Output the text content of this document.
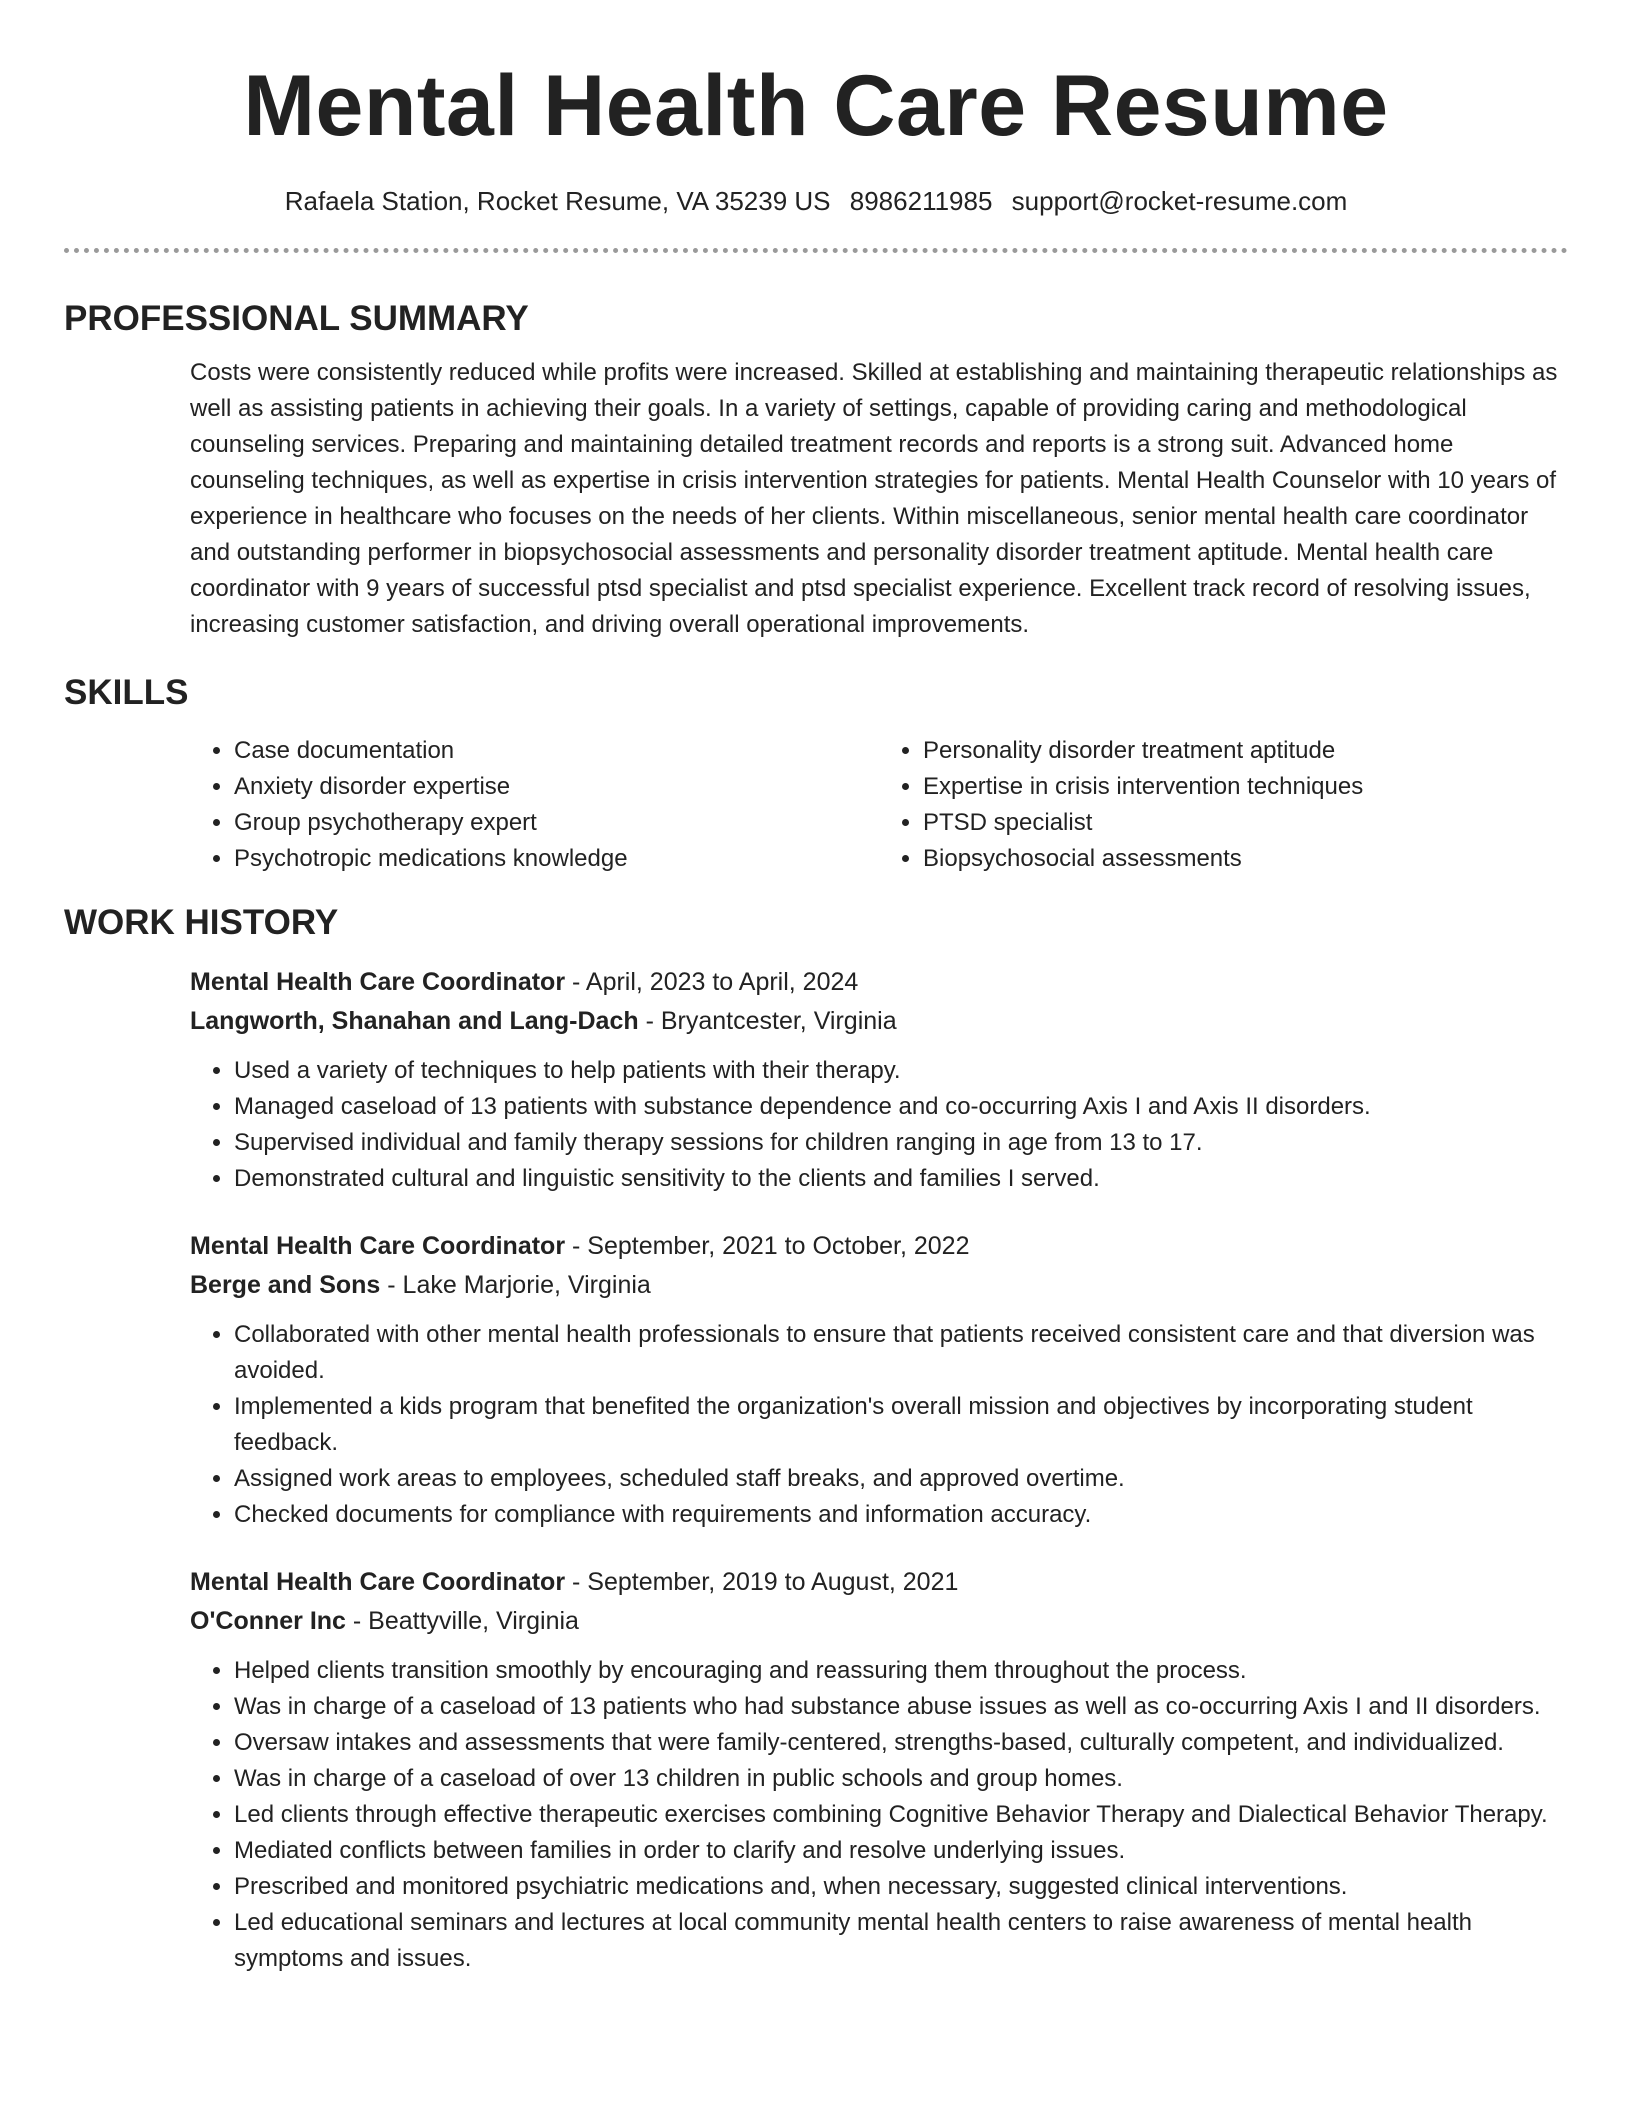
Mental Health Care Resume
Rafaela Station, Rocket Resume, VA 35239 US 8986211985 support@rocket-resume.com
PROFESSIONAL SUMMARY
Costs were consistently reduced while profits were increased. Skilled at establishing and maintaining therapeutic relationships as well as assisting patients in achieving their goals. In a variety of settings, capable of providing caring and methodological counseling services. Preparing and maintaining detailed treatment records and reports is a strong suit. Advanced home counseling techniques, as well as expertise in crisis intervention strategies for patients. Mental Health Counselor with 10 years of experience in healthcare who focuses on the needs of her clients. Within miscellaneous, senior mental health care coordinator and outstanding performer in biopsychosocial assessments and personality disorder treatment aptitude. Mental health care coordinator with 9 years of successful ptsd specialist and ptsd specialist experience. Excellent track record of resolving issues, increasing customer satisfaction, and driving overall operational improvements.
SKILLS
• Case documentation
• Anxiety disorder expertise
• Group psychotherapy expert
• Psychotropic medications knowledge
• Personality disorder treatment aptitude
• Expertise in crisis intervention techniques
• PTSD specialist
• Biopsychosocial assessments
WORK HISTORY
Mental Health Care Coordinator - April, 2023 to April, 2024
Langworth, Shanahan and Lang-Dach - Bryantcester, Virginia
• Used a variety of techniques to help patients with their therapy.
• Managed caseload of 13 patients with substance dependence and co-occurring Axis I and Axis II disorders.
• Supervised individual and family therapy sessions for children ranging in age from 13 to 17.
• Demonstrated cultural and linguistic sensitivity to the clients and families I served.
Mental Health Care Coordinator - September, 2021 to October, 2022
Berge and Sons - Lake Marjorie, Virginia
• Collaborated with other mental health professionals to ensure that patients received consistent care and that diversion was avoided.
• Implemented a kids program that benefited the organization's overall mission and objectives by incorporating student feedback.
• Assigned work areas to employees, scheduled staff breaks, and approved overtime.
• Checked documents for compliance with requirements and information accuracy.
Mental Health Care Coordinator - September, 2019 to August, 2021
O'Conner Inc - Beattyville, Virginia
• Helped clients transition smoothly by encouraging and reassuring them throughout the process.
• Was in charge of a caseload of 13 patients who had substance abuse issues as well as co-occurring Axis I and II disorders.
• Oversaw intakes and assessments that were family-centered, strengths-based, culturally competent, and individualized.
• Was in charge of a caseload of over 13 children in public schools and group homes.
• Led clients through effective therapeutic exercises combining Cognitive Behavior Therapy and Dialectical Behavior Therapy.
• Mediated conflicts between families in order to clarify and resolve underlying issues.
• Prescribed and monitored psychiatric medications and, when necessary, suggested clinical interventions.
• Led educational seminars and lectures at local community mental health centers to raise awareness of mental health symptoms and issues.
